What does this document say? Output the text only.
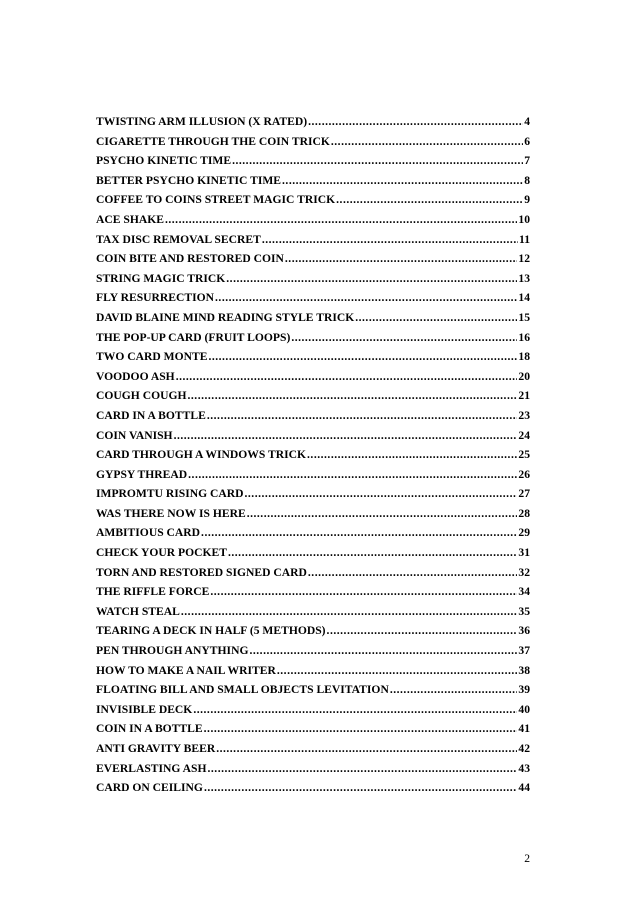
TWISTING ARM ILLUSION (X RATED) .....	4
CIGARETTE THROUGH THE COIN TRICK .....	6
PSYCHO KINETIC TIME .....	7
BETTER PSYCHO KINETIC TIME .....	8
COFFEE TO COINS STREET MAGIC TRICK .....	9
ACE SHAKE .....	10
TAX DISC REMOVAL SECRET .....	11
COIN BITE AND RESTORED COIN .....	12
STRING MAGIC TRICK .....	13
FLY RESURRECTION .....	14
DAVID BLAINE MIND READING STYLE TRICK .....	15
THE POP-UP CARD (FRUIT LOOPS) .....	16
TWO CARD MONTE .....	18
VOODOO ASH .....	20
COUGH COUGH .....	21
CARD IN A BOTTLE .....	23
COIN VANISH .....	24
CARD THROUGH A WINDOWS TRICK .....	25
GYPSY THREAD .....	26
IMPROMTU RISING CARD .....	27
WAS THERE NOW IS HERE .....	28
AMBITIOUS CARD .....	29
CHECK YOUR POCKET .....	31
TORN AND RESTORED SIGNED CARD .....	32
THE RIFFLE FORCE .....	34
WATCH STEAL .....	35
TEARING A DECK IN HALF (5 METHODS) .....	36
PEN THROUGH ANYTHING .....	37
HOW TO MAKE A NAIL WRITER .....	38
FLOATING BILL AND SMALL OBJECTS LEVITATION .....	39
INVISIBLE DECK .....	40
COIN IN A BOTTLE .....	41
ANTI GRAVITY BEER .....	42
EVERLASTING ASH .....	43
CARD ON CEILING .....	44
2
